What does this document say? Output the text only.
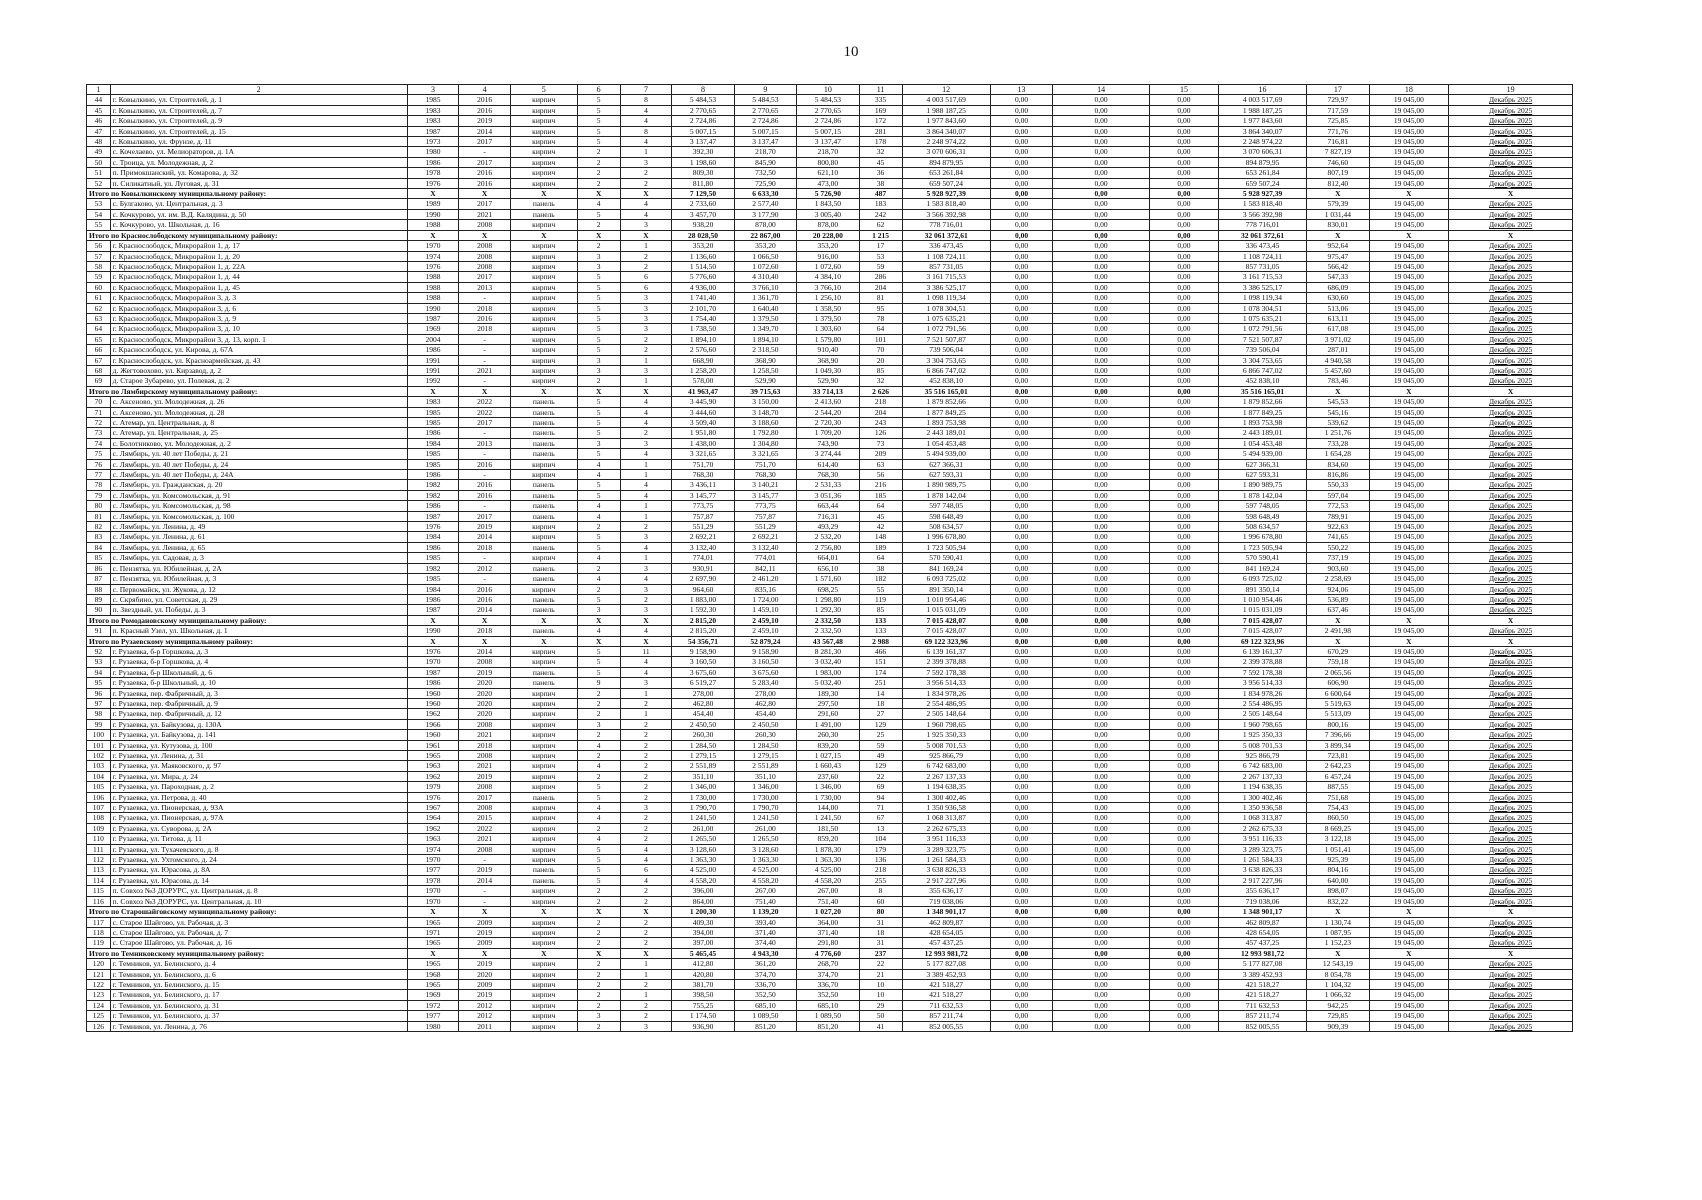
10
1	2	3	4	5	6	7	8	9	10	11	12	13	14	15	16	17	18	19
44	г. Ковылкино, ул. Строителей, д. 1	1985	2016	кирпич	5	8	5 484,53	5 484,53	5 484,53	335	4 003 517,69	0,00	0,00	0,00	4 003 517,69	729,97	19 045,00	Декабрь 2025
45	г. Ковылкино, ул. Строителей, д. 7	1983	2016	кирпич	5	4	2 770,65	2 770,65	2 770,65	169	1 988 187,25	0,00	0,00	0,00	1 988 187,25	717,59	19 045,00	Декабрь 2025
46	г. Ковылкино, ул. Строителей, д. 9	1983	2019	кирпич	5	4	2 724,86	2 724,86	2 724,86	172	1 977 843,60	0,00	0,00	0,00	1 977 843,60	725,85	19 045,00	Декабрь 2025
47	г. Ковылкино, ул. Строителей, д. 15	1987	2014	кирпич	5	8	5 007,15	5 007,15	5 007,15	281	3 864 340,07	0,00	0,00	0,00	3 864 340,07	771,76	19 045,00	Декабрь 2025
48	г. Ковылкино, ул. Фрунзе, д. 11	1973	2017	кирпич	5	4	3 137,47	3 137,47	3 137,47	178	2 248 974,22	0,00	0,00	0,00	2 248 974,22	716,81	19 045,00	Декабрь 2025
49	с. Кочелаево, ул. Мелиораторов, д. 1А	1980	-	кирпич	2	1	392,30	218,70	218,70	32	3 070 606,31	0,00	0,00	0,00	3 070 606,31	7 827,19	19 045,00	Декабрь 2025
50	с. Троица, ул. Молодежная, д. 2	1986	2017	кирпич	2	3	1 198,60	845,90	800,80	45	894 879,95	0,00	0,00	0,00	894 879,95	746,60	19 045,00	Декабрь 2025
51	п. Примокшанский, ул. Комарова, д. 32	1978	2016	кирпич	2	2	809,30	732,50	621,10	36	653 261,84	0,00	0,00	0,00	653 261,84	807,19	19 045,00	Декабрь 2025
52	п. Силикатный, ул. Луговая, д. 31	1976	2016	кирпич	2	2	811,80	725,90	473,00	38	659 507,24	0,00	0,00	0,00	659 507,24	812,40	19 045,00	Декабрь 2025
Итого по Ковылкинскому муниципальному району:		X	X	X	X	X	7 129,50	6 633,30	5 726,90	487	5 928 927,39	0,00	0,00	0,00	5 928 927,39	X	X	X
53	с. Булгаково, ул. Центральная, д. 3	1989	2017	панель	4	4	2 733,60	2 577,40	1 843,50	183	1 583 818,40	0,00	0,00	0,00	1 583 818,40	579,39	19 045,00	Декабрь 2025
54	с. Кочкурово, ул. им. В.Д. Калядина, д. 50	1990	2021	панель	5	4	3 457,70	3 177,90	3 005,40	242	3 566 392,98	0,00	0,00	0,00	3 566 392,98	1 031,44	19 045,00	Декабрь 2025
55	с. Кочкурово, ул. Школьная, д. 16	1988	2008	кирпич	2	3	938,20	878,00	878,00	62	778 716,01	0,00	0,00	0,00	778 716,01	830,01	19 045,00	Декабрь 2025
Итого по Краснослободскому муниципальному району:		X	X	X	X	X	28 028,50	22 867,00	20 228,00	1 215	32 061 372,61	0,00	0,00	0,00	32 061 372,61	X	X	X
56	г. Краснослободск, Микрорайон 1, д. 17	1970	2008	кирпич	2	1	353,20	353,20	353,20	17	336 473,45	0,00	0,00	0,00	336 473,45	952,64	19 045,00	Декабрь 2025
57	г. Краснослободск, Микрорайон 1, д. 20	1974	2008	кирпич	3	2	1 136,60	1 066,50	916,00	53	1 108 724,11	0,00	0,00	0,00	1 108 724,11	975,47	19 045,00	Декабрь 2025
58	г. Краснослободск, Микрорайон 1, д. 22А	1976	2008	кирпич	3	2	1 514,50	1 072,60	1 072,60	59	857 731,05	0,00	0,00	0,00	857 731,05	566,42	19 045,00	Декабрь 2025
59	г. Краснослободск, Микрорайон 1, д. 44	1988	2017	кирпич	5	6	5 776,60	4 310,40	4 384,10	286	3 161 715,53	0,00	0,00	0,00	3 161 715,53	547,33	19 045,00	Декабрь 2025
60	г. Краснослободск, Микрорайон 1, д. 45	1988	2013	кирпич	5	6	4 936,00	3 766,10	3 766,10	204	3 386 525,17	0,00	0,00	0,00	3 386 525,17	686,09	19 045,00	Декабрь 2025
61	г. Краснослободск, Микрорайон 3, д. 3	1988	-	кирпич	5	3	1 741,40	1 361,70	1 256,10	81	1 098 119,34	0,00	0,00	0,00	1 098 119,34	630,60	19 045,00	Декабрь 2025
62	г. Краснослободск, Микрорайон 3, д. 6	1990	2018	кирпич	5	3	2 101,70	1 640,40	1 358,50	95	1 078 304,51	0,00	0,00	0,00	1 078 304,51	513,06	19 045,00	Декабрь 2025
63	г. Краснослободск, Микрорайон 3, д. 9	1987	2016	кирпич	5	3	1 754,40	1 379,50	1 379,50	78	1 075 635,21	0,00	0,00	0,00	1 075 635,21	613,11	19 045,00	Декабрь 2025
64	г. Краснослободск, Микрорайон 3, д. 10	1969	2018	кирпич	5	3	1 738,50	1 349,70	1 303,60	64	1 072 791,56	0,00	0,00	0,00	1 072 791,56	617,08	19 045,00	Декабрь 2025
65	г. Краснослободск, Микрорайон 3, д. 13, корп. 1	2004	-	кирпич	5	2	1 894,10	1 894,10	1 579,80	101	7 521 507,87	0,00	0,00	0,00	7 521 507,87	3 971,02	19 045,00	Декабрь 2025
66	г. Краснослободск, ул. Кирова, д. 67А	1986	-	кирпич	5	2	2 576,60	2 318,50	910,40	70	739 506,04	0,00	0,00	0,00	739 506,04	287,01	19 045,00	Декабрь 2025
67	г. Краснослободск, ул. Красноармейская, д. 43	1991	-	кирпич	3	1	668,90	368,90	368,90	20	3 304 753,65	0,00	0,00	0,00	3 304 753,65	4 940,58	19 045,00	Декабрь 2025
68	д. Жегтовохово, ул. Кирзавод, д. 2	1991	2021	кирпич	3	3	1 258,20	1 258,50	1 049,30	85	6 866 747,02	0,00	0,00	0,00	6 866 747,02	5 457,60	19 045,00	Декабрь 2025
69	д. Старое Зубарево, ул. Полевая, д. 2	1992	-	кирпич	2	1	578,00	529,90	529,90	32	452 838,10	0,00	0,00	0,00	452 838,10	783,46	19 045,00	Декабрь 2025
Итого по Лямбирскому муниципальному району:		X	X	X	X	X	41 963,47	39 715,63	33 714,13	2 626	35 516 165,01	0,00	0,00	0,00	35 516 165,01	X	X	X
70	с. Аксеново, ул. Молодежная, д. 26	1983	2022	панель	5	4	3 445,90	3 150,00	2 413,60	218	1 879 852,66	0,00	0,00	0,00	1 879 852,66	545,53	19 045,00	Декабрь 2025
71	с. Аксеново, ул. Молодежная, д. 28	1985	2022	панель	5	4	3 444,60	3 148,70	2 544,20	204	1 877 849,25	0,00	0,00	0,00	1 877 849,25	545,16	19 045,00	Декабрь 2025
72	с. Атемар, ул. Центральная, д. 8	1985	2017	панель	5	4	3 509,40	3 188,60	2 720,30	243	1 893 753,98	0,00	0,00	0,00	1 893 753,98	539,62	19 045,00	Декабрь 2025
73	с. Атемар, ул. Центральная, д. 25	1986	-	панель	5	2	1 951,80	1 792,80	1 709,20	126	2 443 189,01	0,00	0,00	0,00	2 443 189,01	1 251,76	19 045,00	Декабрь 2025
74	с. Болотниково, ул. Молодежная, д. 2	1984	2013	панель	3	3	1 438,00	1 304,80	743,90	73	1 054 453,48	0,00	0,00	0,00	1 054 453,48	733,28	19 045,00	Декабрь 2025
75	с. Лямбирь, ул. 40 лет Победы, д. 21	1985	-	панель	5	4	3 321,65	3 321,65	3 274,44	209	5 494 939,00	0,00	0,00	0,00	5 494 939,00	1 654,28	19 045,00	Декабрь 2025
76	с. Лямбирь, ул. 40 лет Победы, д. 24	1985	2016	кирпич	4	1	751,70	751,70	614,40	63	627 366,31	0,00	0,00	0,00	627 366,31	834,60	19 045,00	Декабрь 2025
77	с. Лямбирь, ул. 40 лет Победы, д. 24А	1986	-	кирпич	4	1	768,30	768,30	768,30	56	627 593,31	0,00	0,00	0,00	627 593,31	816,86	19 045,00	Декабрь 2025
78	с. Лямбирь, ул. Гражданская, д. 20	1982	2016	панель	5	4	3 436,11	3 140,21	2 531,33	216	1 890 989,75	0,00	0,00	0,00	1 890 989,75	550,33	19 045,00	Декабрь 2025
79	с. Лямбирь, ул. Комсомольская, д. 91	1982	2016	панель	5	4	3 145,77	3 145,77	3 051,36	185	1 878 142,04	0,00	0,00	0,00	1 878 142,04	597,04	19 045,00	Декабрь 2025
80	с. Лямбирь, ул. Комсомольская, д. 98	1986	-	панель	4	1	773,75	773,75	663,44	64	597 748,05	0,00	0,00	0,00	597 748,05	772,53	19 045,00	Декабрь 2025
81	с. Лямбирь, ул. Комсомольская, д. 100	1987	2017	панель	4	1	757,87	757,87	716,31	45	598 648,49	0,00	0,00	0,00	598 648,49	789,91	19 045,00	Декабрь 2025
82	с. Лямбирь, ул. Ленина, д. 49	1976	2019	кирпич	2	2	551,29	551,29	493,29	42	508 634,57	0,00	0,00	0,00	508 634,57	922,63	19 045,00	Декабрь 2025
83	с. Лямбирь, ул. Ленина, д. 61	1984	2014	кирпич	5	3	2 692,21	2 692,21	2 532,20	148	1 996 678,80	0,00	0,00	0,00	1 996 678,80	741,65	19 045,00	Декабрь 2025
84	с. Лямбирь, ул. Ленина, д. 65	1986	2018	панель	5	4	3 132,40	3 132,40	2 756,80	189	1 723 505,94	0,00	0,00	0,00	1 723 505,94	550,22	19 045,00	Декабрь 2025
85	с. Лямбирь, ул. Садовая, д. 3	1985	-	кирпич	4	1	774,01	774,01	664,01	64	570 590,41	0,00	0,00	0,00	570 590,41	737,19	19 045,00	Декабрь 2025
86	с. Пензятка, ул. Юбилейная, д. 2А	1982	2012	панель	2	3	930,91	842,11	656,10	38	841 169,24	0,00	0,00	0,00	841 169,24	903,60	19 045,00	Декабрь 2025
87	с. Пензятка, ул. Юбилейная, д. 3	1985	-	панель	4	4	2 697,90	2 461,20	1 571,60	182	6 093 725,02	0,00	0,00	0,00	6 093 725,02	2 258,69	19 045,00	Декабрь 2025
88	с. Первомайск, ул. Жукова, д. 12	1984	2016	кирпич	2	3	964,60	835,16	698,25	55	891 350,14	0,00	0,00	0,00	891 350,14	924,06	19 045,00	Декабрь 2025
89	с. Скрябино, ул. Советская, д. 29	1986	2016	панель	5	2	1 883,00	1 724,00	1 298,80	119	1 010 954,46	0,00	0,00	0,00	1 010 954,46	536,89	19 045,00	Декабрь 2025
90	п. Звездный, ул. Победы, д. 3	1987	2014	панель	3	3	1 592,30	1 459,10	1 292,30	85	1 015 031,09	0,00	0,00	0,00	1 015 031,09	637,46	19 045,00	Декабрь 2025
Итого по Ромодановскому муниципальному району:		X	X	X	X	X	2 815,20	2 459,10	2 332,50	133	7 015 428,07	0,00	0,00	0,00	7 015 428,07	X	X	X
91	п. Красный Узел, ул. Школьная, д. 1	1990	2018	панель	4	4	2 815,20	2 459,10	2 332,50	133	7 015 428,07	0,00	0,00	0,00	7 015 428,07	2 491,98	19 045,00	Декабрь 2025
Итого по Рузаевскому муниципальному району:		X	X	X	X	X	54 356,71	52 879,24	43 567,48	2 988	69 122 323,96	0,00	0,00	0,00	69 122 323,96	X	X	X
92	г. Рузаевка, б-р Горшкова, д. 3	1976	2014	кирпич	5	11	9 158,90	9 158,90	8 281,30	466	6 139 161,37	0,00	0,00	0,00	6 139 161,37	670,29	19 045,00	Декабрь 2025
93	г. Рузаевка, б-р Горшкова, д. 4	1970	2008	кирпич	5	4	3 160,50	3 160,50	3 032,40	151	2 399 378,88	0,00	0,00	0,00	2 399 378,88	759,18	19 045,00	Декабрь 2025
94	г. Рузаевка, б-р Школьный, д. 6	1987	2019	панель	5	4	3 675,60	3 675,60	1 983,00	174	7 592 178,38	0,00	0,00	0,00	7 592 178,38	2 065,56	19 045,00	Декабрь 2025
95	г. Рузаевка, б-р Школьный, д. 10	1986	2020	панель	9	3	6 519,27	5 283,40	5 032,40	251	3 956 514,33	0,00	0,00	0,00	3 956 514,33	606,90	19 045,00	Декабрь 2025
96	г. Рузаевка, пер. Фабричный, д. 3	1960	2020	кирпич	2	1	278,00	278,00	189,30	14	1 834 978,26	0,00	0,00	0,00	1 834 978,26	6 600,64	19 045,00	Декабрь 2025
97	г. Рузаевка, пер. Фабричный, д. 9	1960	2020	кирпич	2	2	462,80	462,80	297,50	18	2 554 486,95	0,00	0,00	0,00	2 554 486,95	5 519,63	19 045,00	Декабрь 2025
98	г. Рузаевка, пер. Фабричный, д. 12	1962	2020	кирпич	2	1	454,40	454,40	291,60	27	2 505 148,64	0,00	0,00	0,00	2 505 148,64	5 513,09	19 045,00	Декабрь 2025
99	г. Рузаевка, ул. Байкузова, д. 130А	1966	2008	кирпич	3	2	2 450,50	2 450,50	1 491,00	129	1 960 798,65	0,00	0,00	0,00	1 960 798,65	800,16	19 045,00	Декабрь 2025
100	г. Рузаевка, ул. Байкузова, д. 141	1960	2021	кирпич	2	2	260,30	260,30	260,30	25	1 925 350,33	0,00	0,00	0,00	1 925 350,33	7 396,66	19 045,00	Декабрь 2025
101	г. Рузаевка, ул. Кутузова, д. 100	1961	2018	кирпич	4	2	1 284,50	1 284,50	839,20	59	5 008 701,53	0,00	0,00	0,00	5 008 701,53	3 899,34	19 045,00	Декабрь 2025
102	г. Рузаевка, ул. Ленина, д. 31	1965	2008	кирпич	2	2	1 279,15	1 279,15	1 027,15	49	925 866,79	0,00	0,00	0,00	925 866,79	723,81	19 045,00	Декабрь 2025
103	г. Рузаевка, ул. Маяковского, д. 97	1963	2021	кирпич	4	2	2 551,89	2 551,89	1 660,43	129	6 742 683,00	0,00	0,00	0,00	6 742 683,00	2 642,23	19 045,00	Декабрь 2025
104	г. Рузаевка, ул. Мира, д. 24	1962	2019	кирпич	2	2	351,10	351,10	237,60	22	2 267 137,33	0,00	0,00	0,00	2 267 137,33	6 457,24	19 045,00	Декабрь 2025
105	г. Рузаевка, ул. Пароходная, д. 2	1979	2008	кирпич	5	2	1 346,00	1 346,00	1 346,00	69	1 194 638,35	0,00	0,00	0,00	1 194 638,35	887,55	19 045,00	Декабрь 2025
106	г. Рузаевка, ул. Петрова, д. 40	1976	2017	панель	5	2	1 730,00	1 730,00	1 730,00	94	1 300 402,46	0,00	0,00	0,00	1 300 402,46	751,68	19 045,00	Декабрь 2025
107	г. Рузаевка, ул. Пионерская, д. 93А	1967	2008	кирпич	4	3	1 790,70	1 790,70	144,00	71	1 350 936,58	0,00	0,00	0,00	1 350 936,58	754,43	19 045,00	Декабрь 2025
108	г. Рузаевка, ул. Пионерская, д. 97А	1964	2015	кирпич	4	2	1 241,50	1 241,50	1 241,50	67	1 068 313,87	0,00	0,00	0,00	1 068 313,87	860,50	19 045,00	Декабрь 2025
109	г. Рузаевка, ул. Суворова, д. 2А	1962	2022	кирпич	2	2	261,00	261,00	181,50	13	2 262 675,33	0,00	0,00	0,00	2 262 675,33	8 669,25	19 045,00	Декабрь 2025
110	г. Рузаевка, ул. Титова, д. 11	1963	2021	кирпич	4	2	1 265,50	1 265,50	859,20	104	3 951 116,33	0,00	0,00	0,00	3 951 116,33	3 122,18	19 045,00	Декабрь 2025
111	г. Рузаевка, ул. Тухачевского, д. 8	1974	2008	кирпич	5	4	3 128,60	3 128,60	1 878,30	179	3 289 323,75	0,00	0,00	0,00	3 289 323,75	1 051,41	19 045,00	Декабрь 2025
112	г. Рузаевка, ул. Ухтомского, д. 24	1970	-	кирпич	5	4	1 363,30	1 363,30	1 363,30	136	1 261 584,33	0,00	0,00	0,00	1 261 584,33	925,39	19 045,00	Декабрь 2025
113	г. Рузаевка, ул. Юрасова, д. 8А	1977	2019	панель	5	6	4 525,00	4 525,00	4 525,00	218	3 638 826,33	0,00	0,00	0,00	3 638 826,33	804,16	19 045,00	Декабрь 2025
114	г. Рузаевка, ул. Юрасова, д. 14	1978	2014	панель	5	4	4 558,20	4 558,20	4 558,20	255	2 917 227,96	0,00	0,00	0,00	2 917 227,96	640,00	19 045,00	Декабрь 2025
115	п. Совхоз №3 ДОРУРС, ул. Центральная, д. 8	1970	-	кирпич	2	2	396,00	267,00	267,00	8	355 636,17	0,00	0,00	0,00	355 636,17	898,07	19 045,00	Декабрь 2025
116	п. Совхоз №3 ДОРУРС, ул. Центральная, д. 10	1970	-	кирпич	2	2	864,00	751,40	751,40	60	719 038,06	0,00	0,00	0,00	719 038,06	832,22	19 045,00	Декабрь 2025
Итого по Старошайговскому муниципальному району:		X	X	X	X	X	1 200,30	1 139,20	1 027,20	80	1 348 901,17	0,00	0,00	0,00	1 348 901,17	X	X	X
117	с. Старое Шайгово, ул. Рабочая, д. 3	1965	2009	кирпич	2	2	409,30	393,40	364,00	31	462 809,87	0,00	0,00	0,00	462 809,87	1 130,74	19 045,00	Декабрь 2025
118	с. Старое Шайгово, ул. Рабочая, д. 7	1971	2019	кирпич	2	2	394,00	371,40	371,40	18	428 654,05	0,00	0,00	0,00	428 654,05	1 087,95	19 045,00	Декабрь 2025
119	с. Старое Шайгово, ул. Рабочая, д. 16	1965	2009	кирпич	2	2	397,00	374,40	291,80	31	457 437,25	0,00	0,00	0,00	457 437,25	1 152,23	19 045,00	Декабрь 2025
Итого по Темниковскому муниципальному району:		X	X	X	X	X	5 465,45	4 943,30	4 776,60	237	12 993 981,72	0,00	0,00	0,00	12 993 981,72	X	X	X
120	г. Темников, ул. Белинского, д. 4	1965	2019	кирпич	2	1	412,80	361,20	268,70	22	5 177 827,08	0,00	0,00	0,00	5 177 827,08	12 543,19	19 045,00	Декабрь 2025
121	г. Темников, ул. Белинского, д. 6	1968	2020	кирпич	2	1	420,80	374,70	374,70	21	3 389 452,93	0,00	0,00	0,00	3 389 452,93	8 054,78	19 045,00	Декабрь 2025
122	г. Темников, ул. Белинского, д. 15	1965	2009	кирпич	2	2	381,70	336,70	336,70	10	421 518,27	0,00	0,00	0,00	421 518,27	1 104,32	19 045,00	Декабрь 2025
123	г. Темников, ул. Белинского, д. 17	1969	2019	кирпич	2	1	398,50	352,50	352,50	10	421 518,27	0,00	0,00	0,00	421 518,27	1 066,32	19 045,00	Декабрь 2025
124	г. Темников, ул. Белинского, д. 31	1972	2012	кирпич	2	2	755,25	685,10	685,10	29	711 632,53	0,00	0,00	0,00	711 632,53	942,25	19 045,00	Декабрь 2025
125	г. Темников, ул. Белинского, д. 37	1977	2012	кирпич	3	2	1 174,50	1 089,50	1 089,50	50	857 211,74	0,00	0,00	0,00	857 211,74	729,85	19 045,00	Декабрь 2025
126	г. Темников, ул. Ленина, д. 76	1980	2011	кирпич	2	3	936,90	851,20	851,20	41	852 005,55	0,00	0,00	0,00	852 005,55	909,39	19 045,00	Декабрь 2025
